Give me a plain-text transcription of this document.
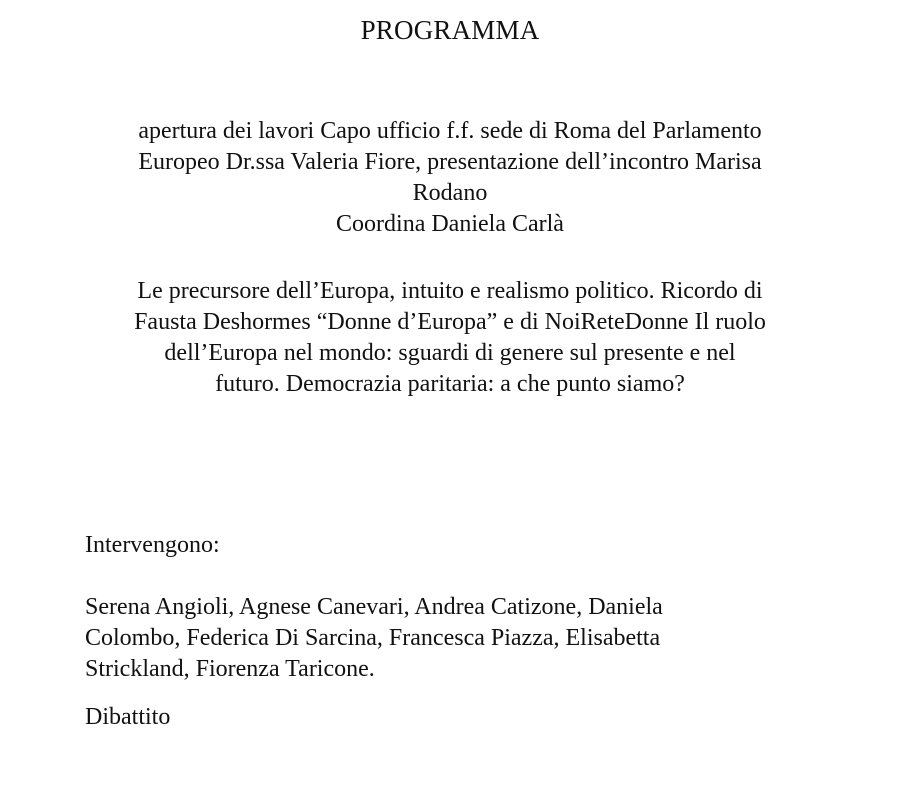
PROGRAMMA
apertura dei lavori Capo ufficio f.f. sede di Roma del Parlamento
Europeo Dr.ssa Valeria Fiore, presentazione dell’incontro Marisa
Rodano
Coordina Daniela Carlà
Le precursore dell’Europa, intuito e realismo politico. Ricordo di
Fausta Deshormes “Donne d’Europa” e di NoiReteDonne Il ruolo
dell’Europa nel mondo: sguardi di genere sul presente e nel
futuro. Democrazia paritaria: a che punto siamo?
Intervengono:
Serena Angioli, Agnese Canevari, Andrea Catizone, Daniela
Colombo, Federica Di Sarcina, Francesca Piazza, Elisabetta
Strickland, Fiorenza Taricone.
Dibattito
